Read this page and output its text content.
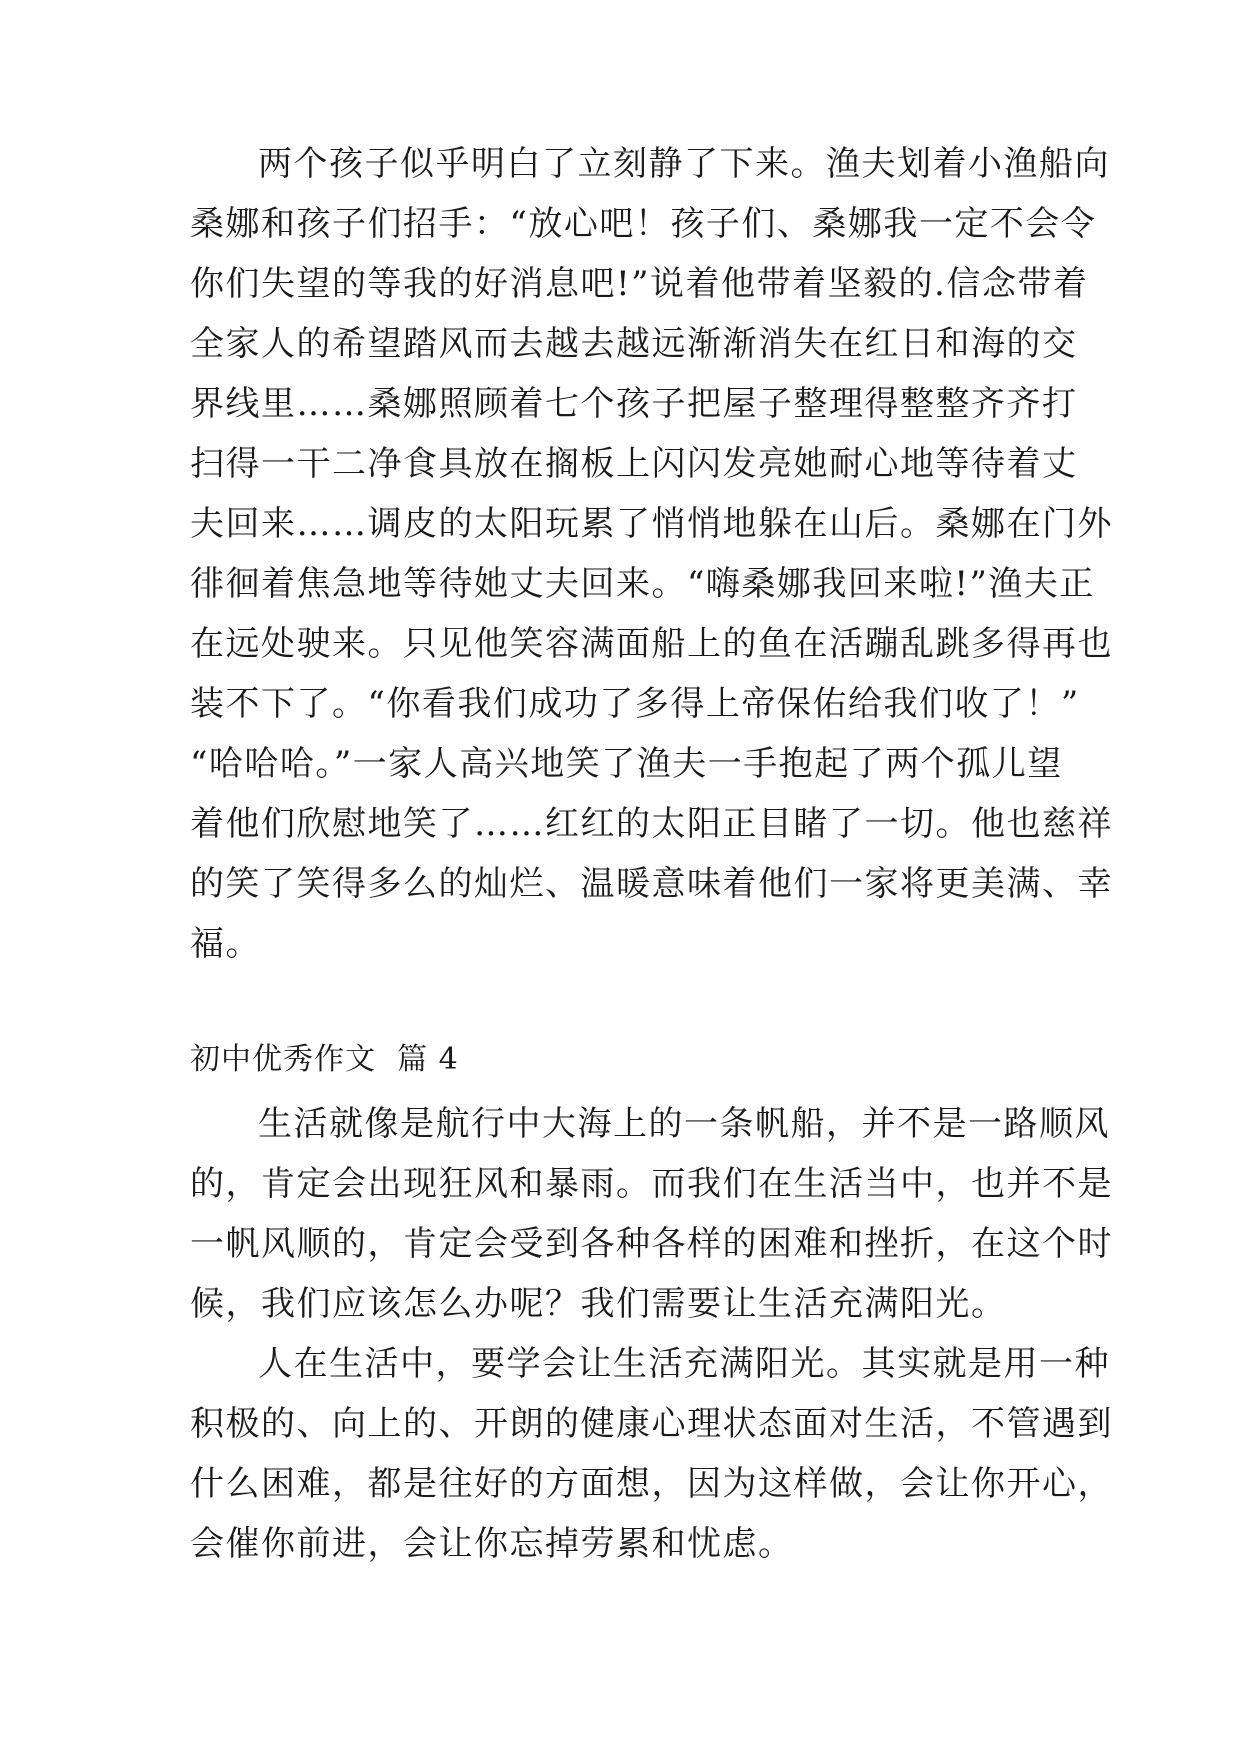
两个孩子似乎明白了立刻静了下来。渔夫划着小渔船向
桑娜和孩子们招手：“放心吧！孩子们、桑娜我一定不会令
你们失望的等我的好消息吧!”说着他带着坚毅的.信念带着
全家人的希望踏风而去越去越远渐渐消失在红日和海的交
界线里……桑娜照顾着七个孩子把屋子整理得整整齐齐打
扫得一干二净食具放在搁板上闪闪发亮她耐心地等待着丈
夫回来……调皮的太阳玩累了悄悄地躲在山后。桑娜在门外
徘徊着焦急地等待她丈夫回来。“嗨桑娜我回来啦!”渔夫正
在远处驶来。只见他笑容满面船上的鱼在活蹦乱跳多得再也
装不下了。“你看我们成功了多得上帝保佑给我们收了！”
“哈哈哈。”一家人高兴地笑了渔夫一手抱起了两个孤儿望
着他们欣慰地笑了……红红的太阳正目睹了一切。他也慈祥
的笑了笑得多么的灿烂、温暖意味着他们一家将更美满、幸
福。
初中优秀作文  篇 4
生活就像是航行中大海上的一条帆船，并不是一路顺风
的，肯定会出现狂风和暴雨。而我们在生活当中，也并不是
一帆风顺的，肯定会受到各种各样的困难和挫折，在这个时
候，我们应该怎么办呢？我们需要让生活充满阳光。
人在生活中，要学会让生活充满阳光。其实就是用一种
积极的、向上的、开朗的健康心理状态面对生活，不管遇到
什么困难，都是往好的方面想，因为这样做，会让你开心，
会催你前进，会让你忘掉劳累和忧虑。
